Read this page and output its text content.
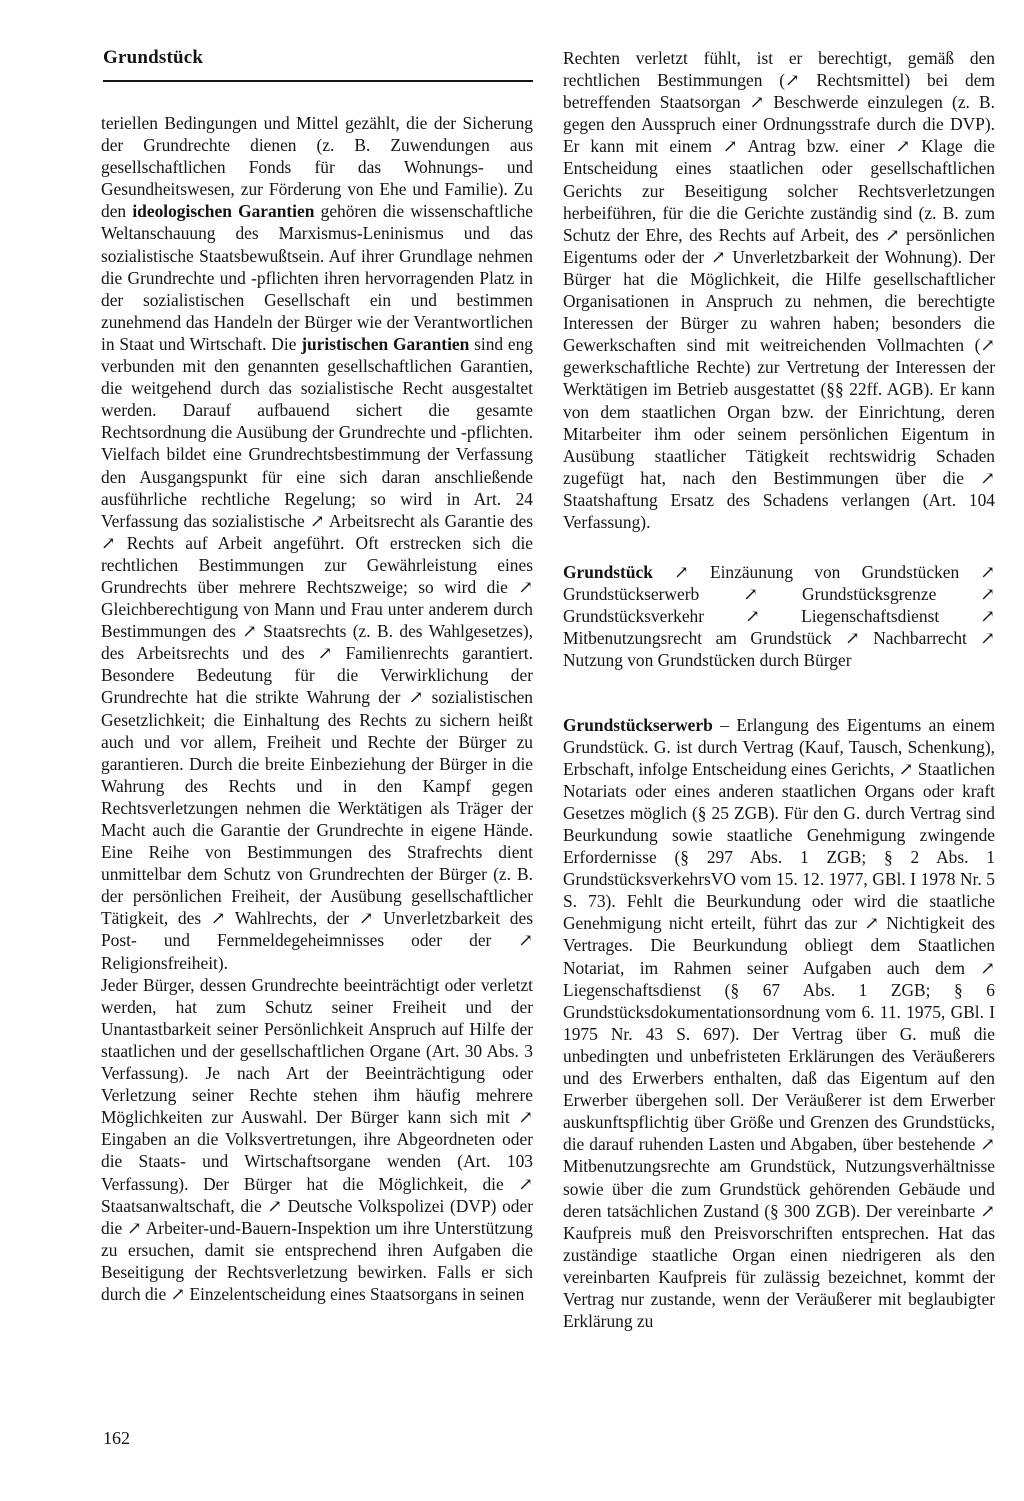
Grundstück

teriellen Bedingungen und Mittel gezählt, die der Sicherung der Grundrechte dienen (z. B. Zuwendungen aus gesellschaftlichen Fonds für das Wohnungs- und Gesundheitswesen, zur Förderung von Ehe und Familie). Zu den ideologischen Garantien gehören die wissenschaftliche Weltanschauung des Marxismus-Leninismus und das sozialistische Staatsbewußtsein. Auf ihrer Grundlage nehmen die Grundrechte und -pflichten ihren hervorragenden Platz in der sozialistischen Gesellschaft ein und bestimmen zunehmend das Handeln der Bürger wie der Verantwortlichen in Staat und Wirtschaft. Die juristischen Garantien sind eng verbunden mit den genannten gesellschaftlichen Garantien, die weitgehend durch das sozialistische Recht ausgestaltet werden. Darauf aufbauend sichert die gesamte Rechtsordnung die Ausübung der Grundrechte und -pflichten. Vielfach bildet eine Grundrechtsbestimmung der Verfassung den Ausgangspunkt für eine sich daran anschließende ausführliche rechtliche Regelung; so wird in Art. 24 Verfassung das sozialistische ↗ Arbeitsrecht als Garantie des ↗ Rechts auf Arbeit angeführt. Oft erstrecken sich die rechtlichen Bestimmungen zur Gewährleistung eines Grundrechts über mehrere Rechtszweige; so wird die ↗ Gleichberechtigung von Mann und Frau unter anderem durch Bestimmungen des ↗ Staatsrechts (z. B. des Wahlgesetzes), des Arbeitsrechts und des ↗ Familienrechts garantiert. Besondere Bedeutung für die Verwirklichung der Grundrechte hat die strikte Wahrung der ↗ sozialistischen Gesetzlichkeit; die Einhaltung des Rechts zu sichern heißt auch und vor allem, Freiheit und Rechte der Bürger zu garantieren. Durch die breite Einbeziehung der Bürger in die Wahrung des Rechts und in den Kampf gegen Rechtsverletzungen nehmen die Werktätigen als Träger der Macht auch die Garantie der Grundrechte in eigene Hände. Eine Reihe von Bestimmungen des Strafrechts dient unmittelbar dem Schutz von Grundrechten der Bürger (z. B. der persönlichen Freiheit, der Ausübung gesellschaftlicher Tätigkeit, des ↗ Wahlrechts, der ↗ Unverletzbarkeit des Post- und Fernmeldegeheimnisses oder der ↗ Religionsfreiheit).

Jeder Bürger, dessen Grundrechte beeinträchtigt oder verletzt werden, hat zum Schutz seiner Freiheit und der Unantastbarkeit seiner Persönlichkeit Anspruch auf Hilfe der staatlichen und der gesellschaftlichen Organe (Art. 30 Abs. 3 Verfassung). Je nach Art der Beeinträchtigung oder Verletzung seiner Rechte stehen ihm häufig mehrere Möglichkeiten zur Auswahl. Der Bürger kann sich mit ↗ Eingaben an die Volksvertretungen, ihre Abgeordneten oder die Staats- und Wirtschaftsorgane wenden (Art. 103 Verfassung). Der Bürger hat die Möglichkeit, die ↗ Staatsanwaltschaft, die ↗ Deutsche Volkspolizei (DVP) oder die ↗ Arbeiter-und-Bauern-Inspektion um ihre Unterstützung zu ersuchen, damit sie entsprechend ihren Aufgaben die Beseitigung der Rechtsverletzung bewirken. Falls er sich durch die ↗ Einzelentscheidung eines Staatsorgans in seinen

Rechten verletzt fühlt, ist er berechtigt, gemäß den rechtlichen Bestimmungen (↗ Rechtsmittel) bei dem betreffenden Staatsorgan ↗ Beschwerde einzulegen (z. B. gegen den Ausspruch einer Ordnungsstrafe durch die DVP). Er kann mit einem ↗ Antrag bzw. einer ↗ Klage die Entscheidung eines staatlichen oder gesellschaftlichen Gerichts zur Beseitigung solcher Rechtsverletzungen herbeiführen, für die die Gerichte zuständig sind (z. B. zum Schutz der Ehre, des Rechts auf Arbeit, des ↗ persönlichen Eigentums oder der ↗ Unverletzbarkeit der Wohnung). Der Bürger hat die Möglichkeit, die Hilfe gesellschaftlicher Organisationen in Anspruch zu nehmen, die berechtigte Interessen der Bürger zu wahren haben; besonders die Gewerkschaften sind mit weitreichenden Vollmachten (↗ gewerkschaftliche Rechte) zur Vertretung der Interessen der Werktätigen im Betrieb ausgestattet (§§ 22ff. AGB). Er kann von dem staatlichen Organ bzw. der Einrichtung, deren Mitarbeiter ihm oder seinem persönlichen Eigentum in Ausübung staatlicher Tätigkeit rechtswidrig Schaden zugefügt hat, nach den Bestimmungen über die ↗ Staatshaftung Ersatz des Schadens verlangen (Art. 104 Verfassung).

Grundstück ↗ Einzäunung von Grundstücken ↗ Grundstückserwerb ↗ Grundstücksgrenze ↗ Grundstücksverkehr ↗ Liegenschaftsdienst ↗ Mitbenutzungsrecht am Grundstück ↗ Nachbarrecht ↗ Nutzung von Grundstücken durch Bürger

Grundstückserwerb – Erlangung des Eigentums an einem Grundstück. G. ist durch Vertrag (Kauf, Tausch, Schenkung), Erbschaft, infolge Entscheidung eines Gerichts, ↗ Staatlichen Notariats oder eines anderen staatlichen Organs oder kraft Gesetzes möglich (§ 25 ZGB). Für den G. durch Vertrag sind Beurkundung sowie staatliche Genehmigung zwingende Erfordernisse (§ 297 Abs. 1 ZGB; § 2 Abs. 1 GrundstücksverkehrsVO vom 15. 12. 1977, GBl. I 1978 Nr. 5 S. 73). Fehlt die Beurkundung oder wird die staatliche Genehmigung nicht erteilt, führt das zur ↗ Nichtigkeit des Vertrages. Die Beurkundung obliegt dem Staatlichen Notariat, im Rahmen seiner Aufgaben auch dem ↗ Liegenschaftsdienst (§ 67 Abs. 1 ZGB; § 6 Grundstücksdokumentationsordnung vom 6. 11. 1975, GBl. I 1975 Nr. 43 S. 697). Der Vertrag über G. muß die unbedingten und unbefristeten Erklärungen des Veräußerers und des Erwerbers enthalten, daß das Eigentum auf den Erwerber übergehen soll. Der Veräußerer ist dem Erwerber auskunftspflichtig über Größe und Grenzen des Grundstücks, die darauf ruhenden Lasten und Abgaben, über bestehende ↗ Mitbenutzungsrechte am Grundstück, Nutzungsverhältnisse sowie über die zum Grundstück gehörenden Gebäude und deren tatsächlichen Zustand (§ 300 ZGB). Der vereinbarte ↗ Kaufpreis muß den Preisvorschriften entsprechen. Hat das zuständige staatliche Organ einen niedrigeren als den vereinbarten Kaufpreis für zulässig bezeichnet, kommt der Vertrag nur zustande, wenn der Veräußerer mit beglaubigter Erklärung zu

162
